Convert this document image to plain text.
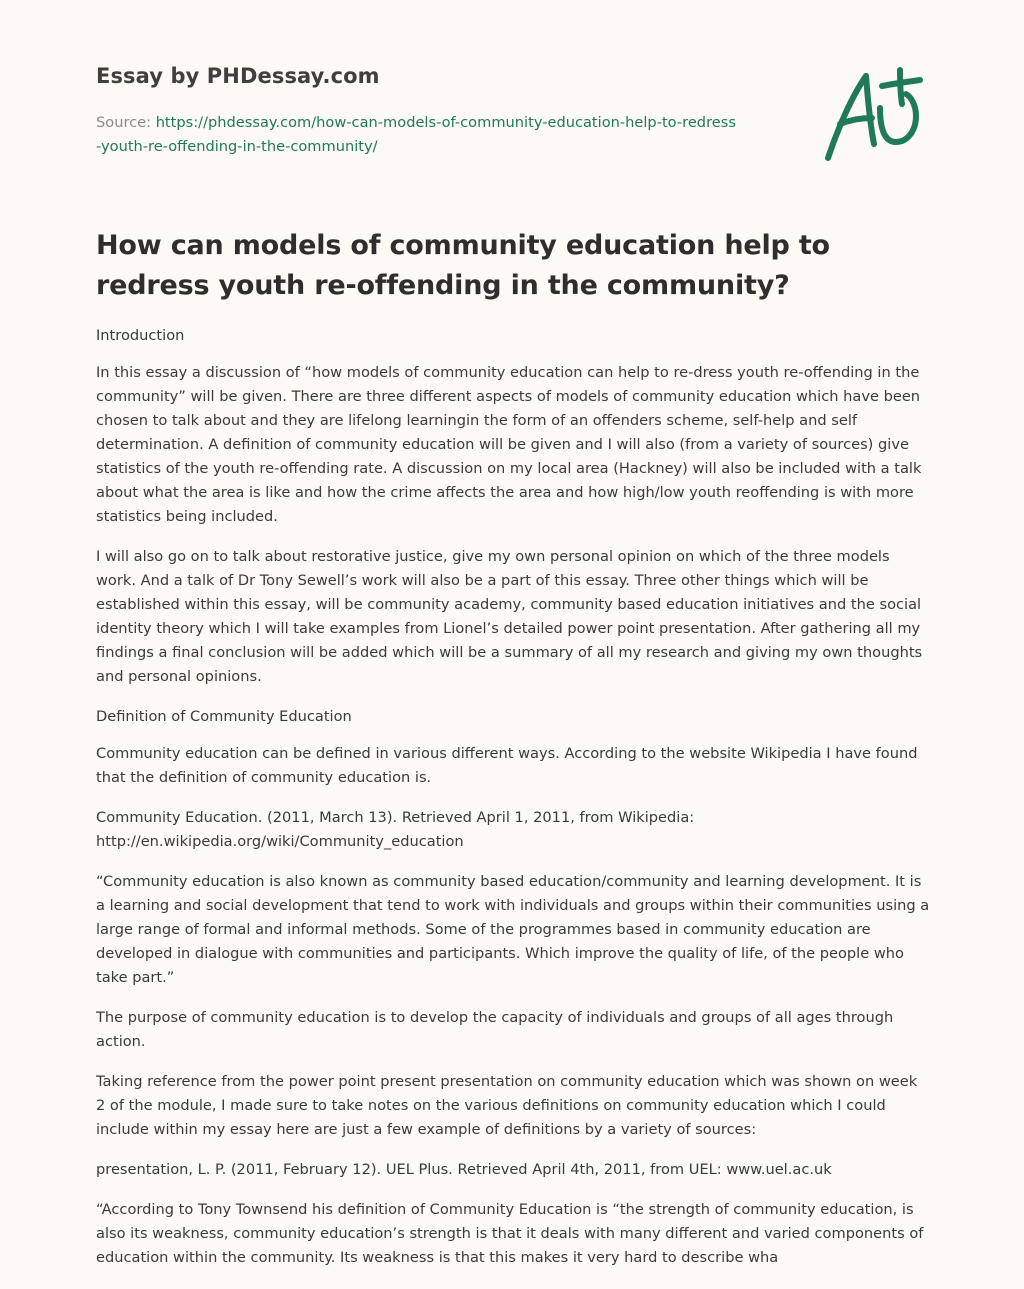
Essay by PHDessay.com

Source: https://phdessay.com/how-can-models-of-community-education-help-to-redress-youth-re-offending-in-the-community/

How can models of community education help to redress youth re-offending in the community?

Introduction

In this essay a discussion of “how models of community education can help to re-dress youth re-offending in the community” will be given. There are three different aspects of models of community education which have been chosen to talk about and they are lifelong learningin the form of an offenders scheme, self-help and self determination. A definition of community education will be given and I will also (from a variety of sources) give statistics of the youth re-offending rate. A discussion on my local area (Hackney) will also be included with a talk about what the area is like and how the crime affects the area and how high/low youth reoffending is with more statistics being included.

I will also go on to talk about restorative justice, give my own personal opinion on which of the three models work. And a talk of Dr Tony Sewell’s work will also be a part of this essay. Three other things which will be established within this essay, will be community academy, community based education initiatives and the social identity theory which I will take examples from Lionel’s detailed power point presentation. After gathering all my findings a final conclusion will be added which will be a summary of all my research and giving my own thoughts and personal opinions.

Definition of Community Education

Community education can be defined in various different ways. According to the website Wikipedia I have found that the definition of community education is.

Community Education. (2011, March 13). Retrieved April 1, 2011, from Wikipedia: http://en.wikipedia.org/wiki/Community_education

“Community education is also known as community based education/community and learning development. It is a learning and social development that tend to work with individuals and groups within their communities using a large range of formal and informal methods. Some of the programmes based in community education are developed in dialogue with communities and participants. Which improve the quality of life, of the people who take part.”

The purpose of community education is to develop the capacity of individuals and groups of all ages through action.

Taking reference from the power point present presentation on community education which was shown on week 2 of the module, I made sure to take notes on the various definitions on community education which I could include within my essay here are just a few example of definitions by a variety of sources:

presentation, L. P. (2011, February 12). UEL Plus. Retrieved April 4th, 2011, from UEL: www.uel.ac.uk

“According to Tony Townsend his definition of Community Education is “the strength of community education, is also its weakness, community education’s strength is that it deals with many different and varied components of education within the community. Its weakness is that this makes it very hard to describe wha
